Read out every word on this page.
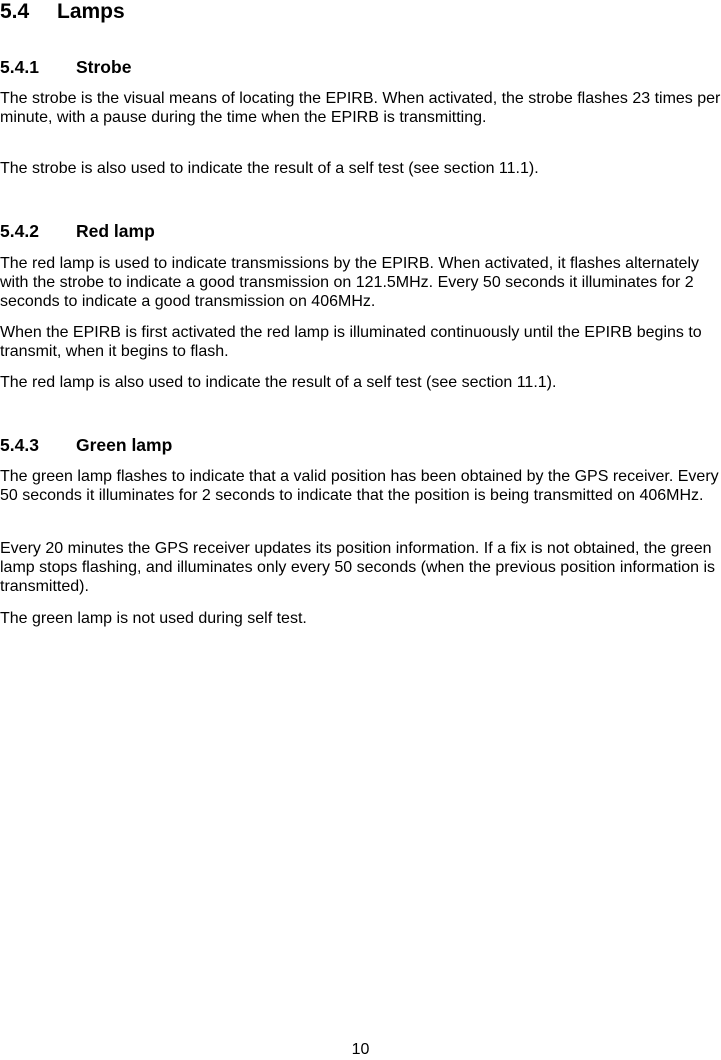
5.4 Lamps
5.4.1 Strobe

The strobe is the visual means of locating the EPIRB. When activated, the strobe flashes 23 times per minute, with a pause during the time when the EPIRB is transmitting.

The strobe is also used to indicate the result of a self test (see section 11.1).

5.4.2 Red lamp

The red lamp is used to indicate transmissions by the EPIRB. When activated, it flashes alternately with the strobe to indicate a good transmission on 121.5MHz. Every 50 seconds it illuminates for 2 seconds to indicate a good transmission on 406MHz.

When the EPIRB is first activated the red lamp is illuminated continuously until the EPIRB begins to transmit, when it begins to flash.

The red lamp is also used to indicate the result of a self test (see section 11.1).

5.4.3 Green lamp

The green lamp flashes to indicate that a valid position has been obtained by the GPS receiver. Every 50 seconds it illuminates for 2 seconds to indicate that the position is being transmitted on 406MHz.

Every 20 minutes the GPS receiver updates its position information. If a fix is not obtained, the green lamp stops flashing, and illuminates only every 50 seconds (when the previous position information is transmitted).

The green lamp is not used during self test.

10
